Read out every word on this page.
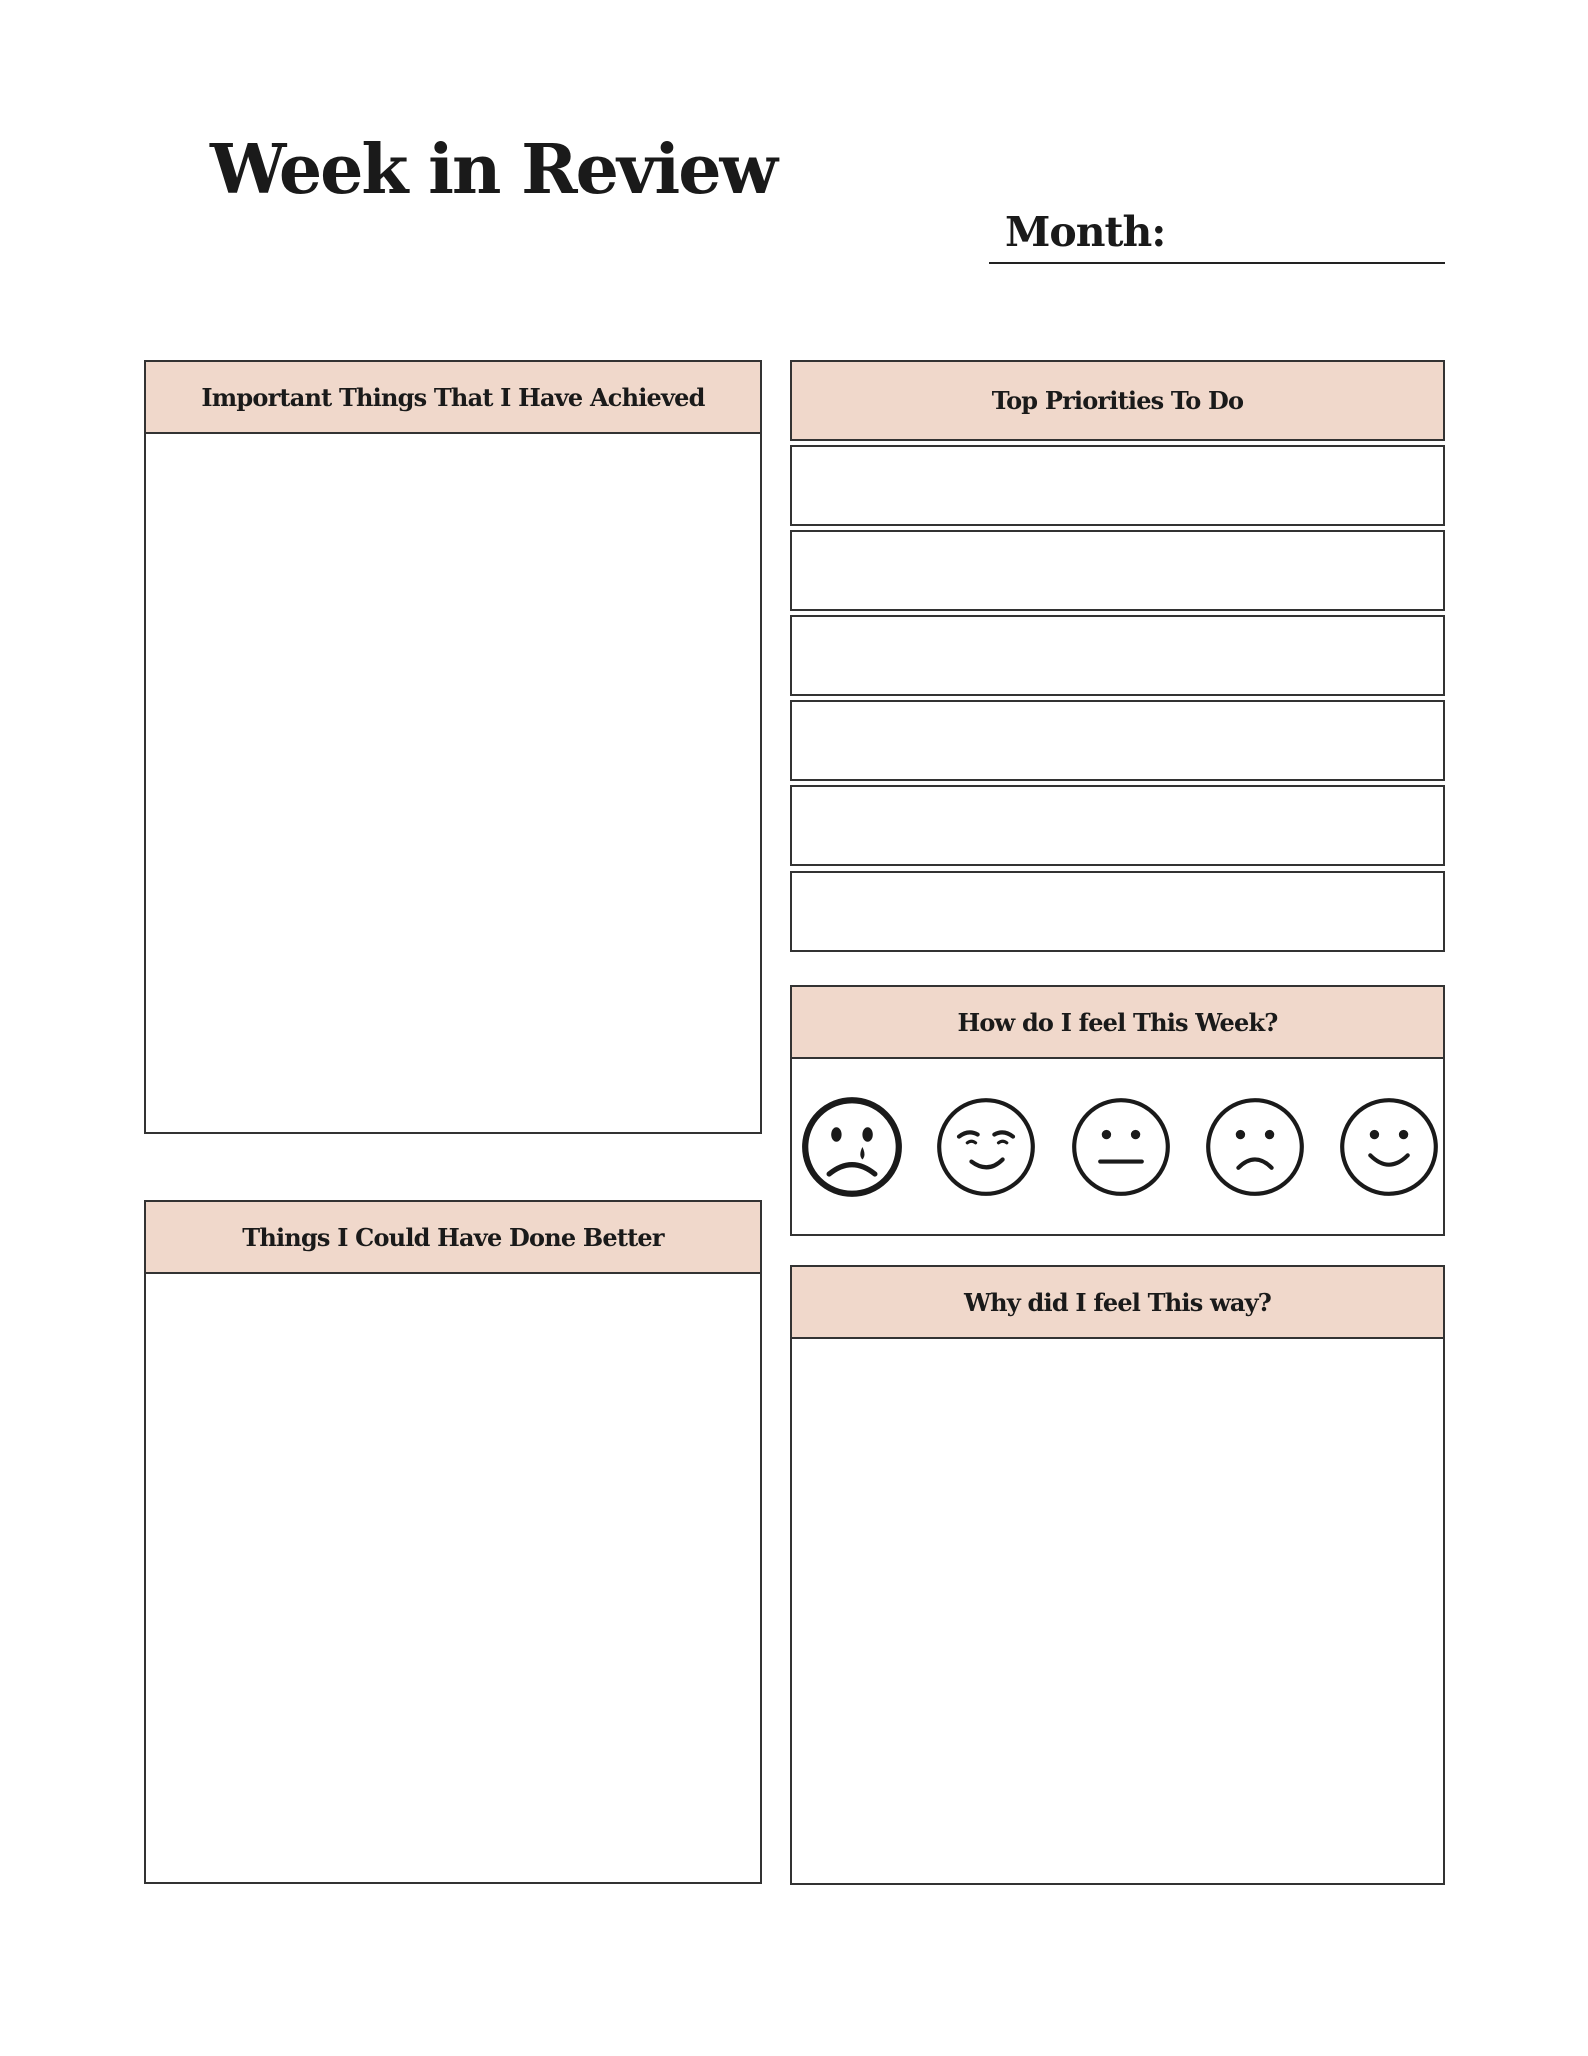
Week in Review
Month:
Important Things That I Have Achieved
Things I Could Have Done Better
Top Priorities To Do
How do I feel This Week?
Why did I feel This way?
